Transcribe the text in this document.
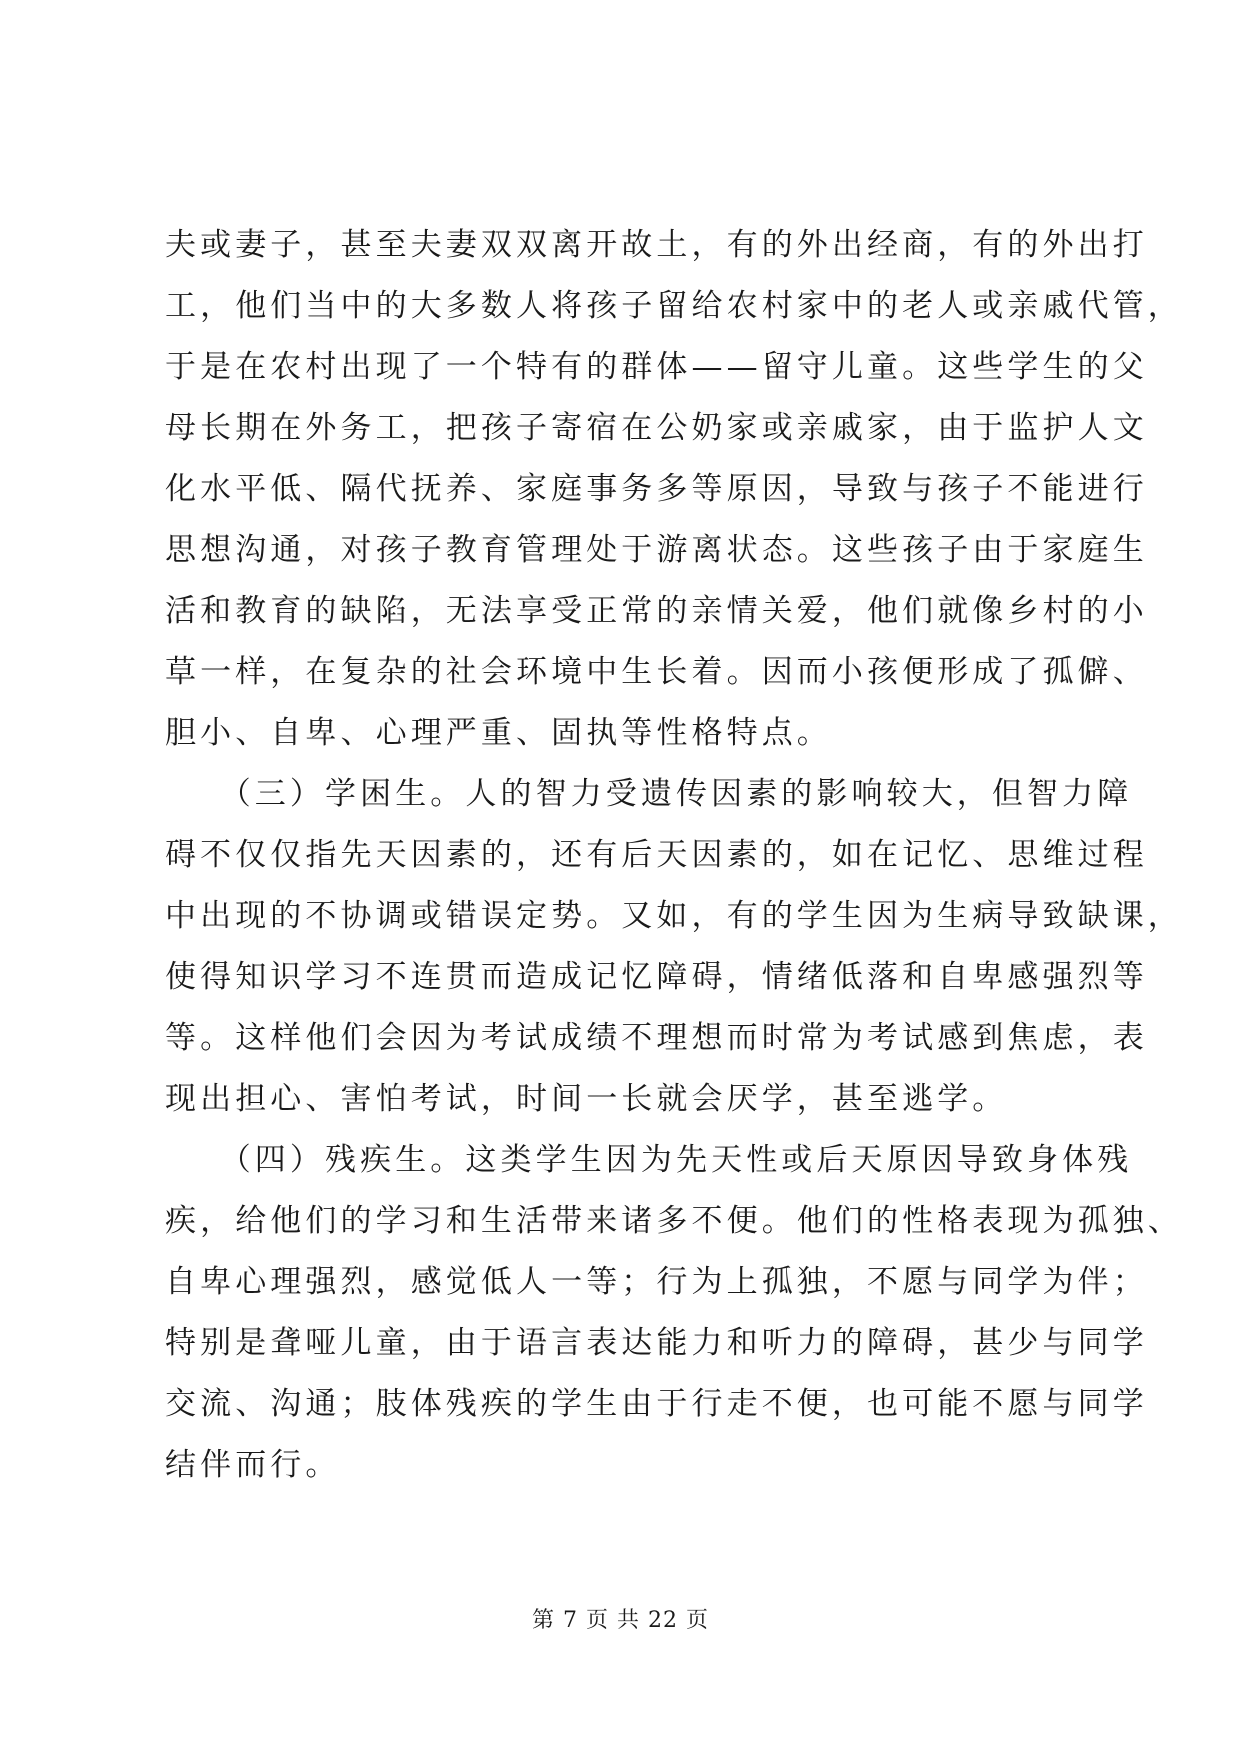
夫或妻子，甚至夫妻双双离开故土，有的外出经商，有的外出打
工，他们当中的大多数人将孩子留给农村家中的老人或亲戚代管，
于是在农村出现了一个特有的群体——留守儿童。这些学生的父
母长期在外务工，把孩子寄宿在公奶家或亲戚家，由于监护人文
化水平低、隔代抚养、家庭事务多等原因，导致与孩子不能进行
思想沟通，对孩子教育管理处于游离状态。这些孩子由于家庭生
活和教育的缺陷，无法享受正常的亲情关爱，他们就像乡村的小
草一样，在复杂的社会环境中生长着。因而小孩便形成了孤僻、
胆小、自卑、心理严重、固执等性格特点。
　　（三）学困生。人的智力受遗传因素的影响较大，但智力障
碍不仅仅指先天因素的，还有后天因素的，如在记忆、思维过程
中出现的不协调或错误定势。又如，有的学生因为生病导致缺课，
使得知识学习不连贯而造成记忆障碍，情绪低落和自卑感强烈等
等。这样他们会因为考试成绩不理想而时常为考试感到焦虑，表
现出担心、害怕考试，时间一长就会厌学，甚至逃学。
　　（四）残疾生。这类学生因为先天性或后天原因导致身体残
疾，给他们的学习和生活带来诸多不便。他们的性格表现为孤独、
自卑心理强烈，感觉低人一等；行为上孤独，不愿与同学为伴；
特别是聋哑儿童，由于语言表达能力和听力的障碍，甚少与同学
交流、沟通；肢体残疾的学生由于行走不便，也可能不愿与同学
结伴而行。
第 7 页 共 22 页
